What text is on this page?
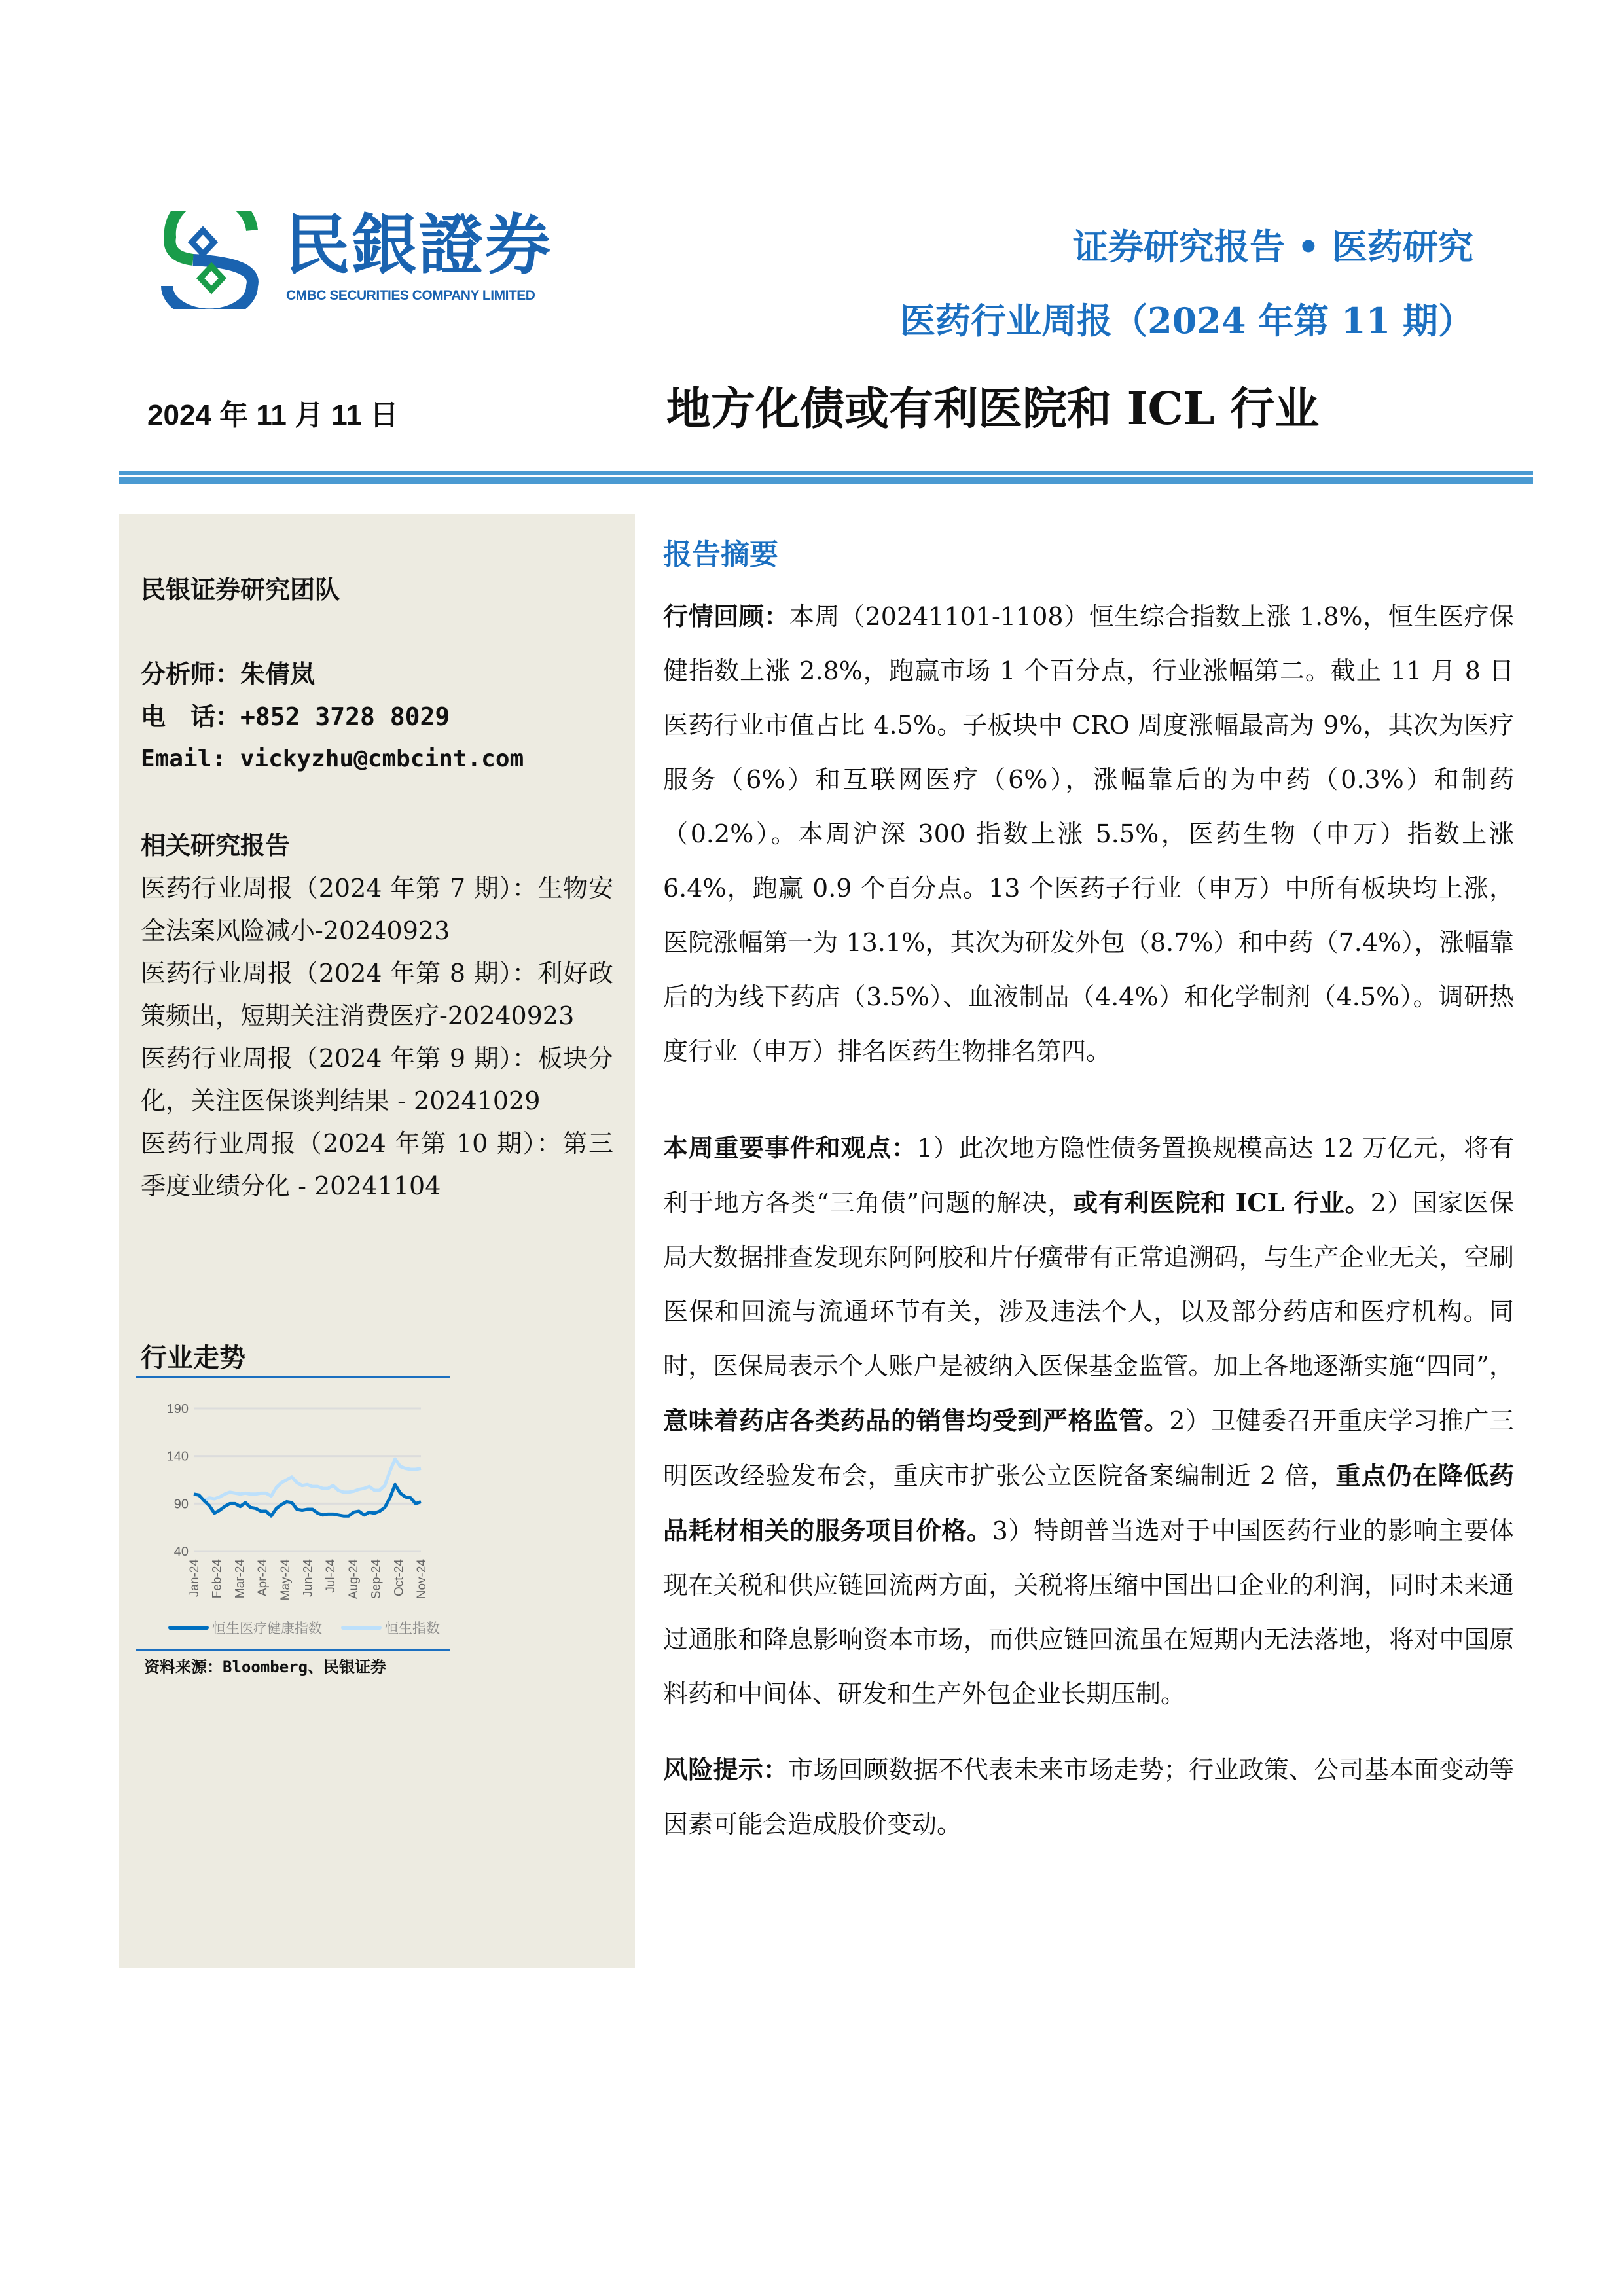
民銀證券
CMBC SECURITIES COMPANY LIMITED
证券研究报告 • 医药研究
医药行业周报（2024 年第 11 期）
2024 年 11 月 11 日	地方化债或有利医院和 ICL 行业
民银证券研究团队
分析师：朱倩岚
电　话：+852 3728 8029
Email: vickyzhu@cmbcint.com
相关研究报告
医药行业周报（2024 年第 7 期）：生物安全法案风险减小-20240923
医药行业周报（2024 年第 8 期）：利好政策频出，短期关注消费医疗-20240923
医药行业周报（2024 年第 9 期）：板块分化，关注医保谈判结果 - 20241029
医药行业周报（2024 年第 10 期）：第三季度业绩分化 - 20241104
行业走势
190
140
90
40
Jan-24 Feb-24 Mar-24 Apr-24 May-24 Jun-24 Jul-24 Aug-24 Sep-24 Oct-24 Nov-24
恒生医疗健康指数	恒生指数
资料来源：Bloomberg、民银证券
报告摘要
行情回顾：本周（20241101-1108）恒生综合指数上涨 1.8%，恒生医疗保健指数上涨 2.8%，跑赢市场 1 个百分点，行业涨幅第二。截止 11 月 8 日医药行业市值占比 4.5%。子板块中 CRO 周度涨幅最高为 9%，其次为医疗服务（6%）和互联网医疗（6%），涨幅靠后的为中药（0.3%）和制药（0.2%）。本周沪深 300 指数上涨 5.5%，医药生物（申万）指数上涨 6.4%，跑赢 0.9 个百分点。13 个医药子行业（申万）中所有板块均上涨，医院涨幅第一为 13.1%，其次为研发外包（8.7%）和中药（7.4%），涨幅靠后的为线下药店（3.5%）、血液制品（4.4%）和化学制剂（4.5%）。调研热度行业（申万）排名医药生物排名第四。
本周重要事件和观点：1）此次地方隐性债务置换规模高达 12 万亿元，将有利于地方各类“三角债”问题的解决，或有利医院和 ICL 行业。2）国家医保局大数据排查发现东阿阿胶和片仔癀带有正常追溯码，与生产企业无关，空刷医保和回流与流通环节有关，涉及违法个人，以及部分药店和医疗机构。同时，医保局表示个人账户是被纳入医保基金监管。加上各地逐渐实施“四同”，意味着药店各类药品的销售均受到严格监管。2）卫健委召开重庆学习推广三明医改经验发布会，重庆市扩张公立医院备案编制近 2 倍，重点仍在降低药品耗材相关的服务项目价格。3）特朗普当选对于中国医药行业的影响主要体现在关税和供应链回流两方面，关税将压缩中国出口企业的利润，同时未来通过通胀和降息影响资本市场，而供应链回流虽在短期内无法落地，将对中国原料药和中间体、研发和生产外包企业长期压制。
风险提示：市场回顾数据不代表未来市场走势；行业政策、公司基本面变动等因素可能会造成股价变动。
